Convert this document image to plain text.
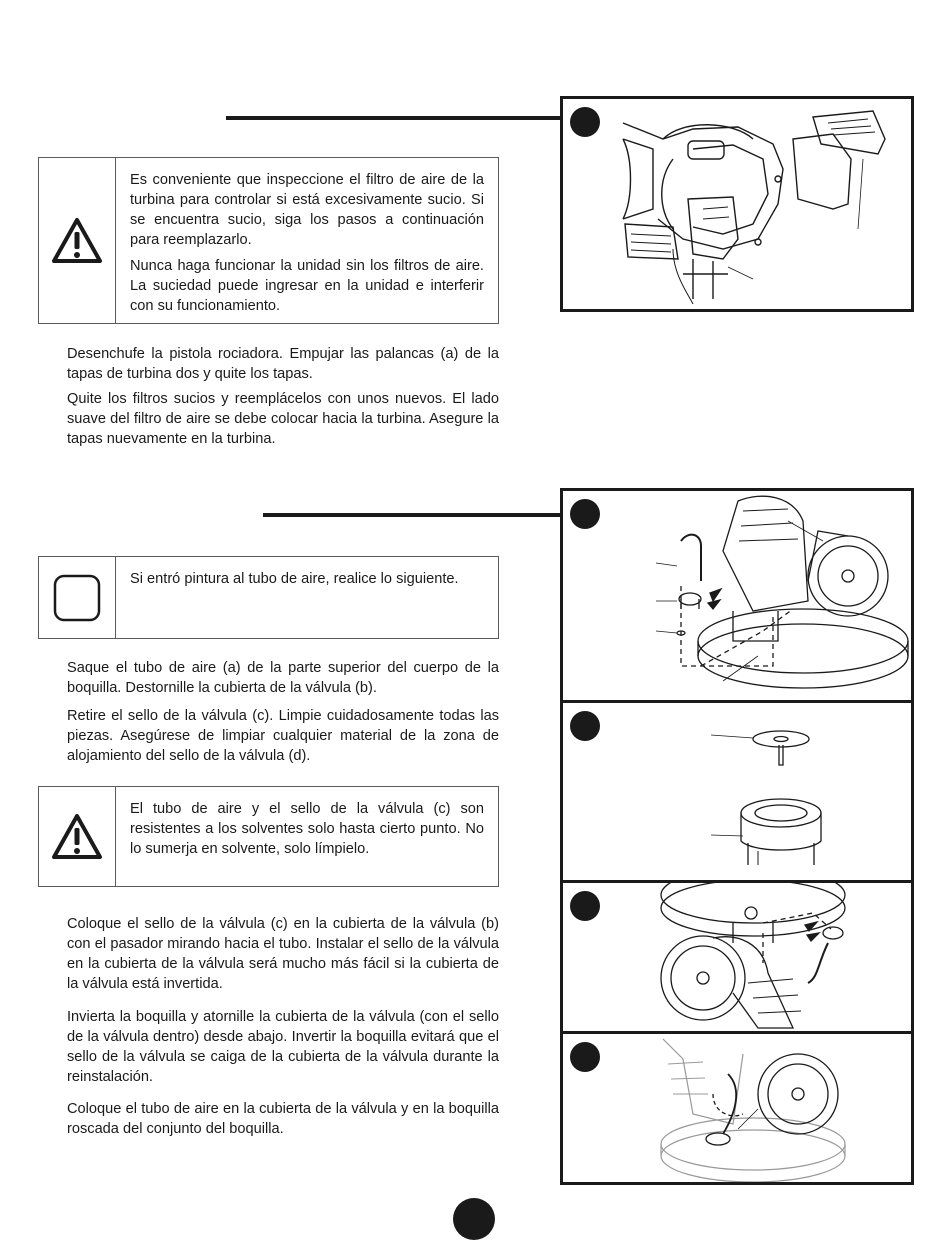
Es conveniente que inspeccione el filtro de aire de la turbina para controlar si está excesivamente sucio. Si se encuentra sucio, siga los pasos a continuación para reemplazarlo.

Nunca haga funcionar la unidad sin los filtros de aire. La suciedad puede ingresar en la unidad e interferir con su funcionamiento.

Desenchufe la pistola rociadora. Empujar las palancas (a) de la tapas de turbina dos y quite los tapas.

Quite los filtros sucios y reemplácelos con unos nuevos. El lado suave del filtro de aire se debe colocar hacia la turbina. Asegure la tapas nuevamente en la turbina.

Si entró pintura al tubo de aire, realice lo siguiente.

Saque el tubo de aire (a) de la parte superior del cuerpo de la boquilla. Destornille la cubierta de la válvula (b).

Retire el sello de la válvula (c). Limpie cuidadosamente todas las piezas. Asegúrese de limpiar cualquier material de la zona de alojamiento del sello de la válvula (d).

El tubo de aire y el sello de la válvula (c) son resistentes a los solventes solo hasta cierto punto. No lo sumerja en solvente, solo límpielo.

Coloque el sello de la válvula (c) en la cubierta de la válvula (b) con el pasador mirando hacia el tubo. Instalar el sello de la válvula en la cubierta de la válvula será mucho más fácil si la cubierta de la válvula está invertida.

Invierta la boquilla y atornille la cubierta de la válvula (con el sello de la válvula dentro) desde abajo. Invertir la boquilla evitará que el sello de la válvula se caiga de la cubierta de la válvula durante la reinstalación.

Coloque el tubo de aire en la cubierta de la válvula y en la boquilla roscada del conjunto del boquilla.
